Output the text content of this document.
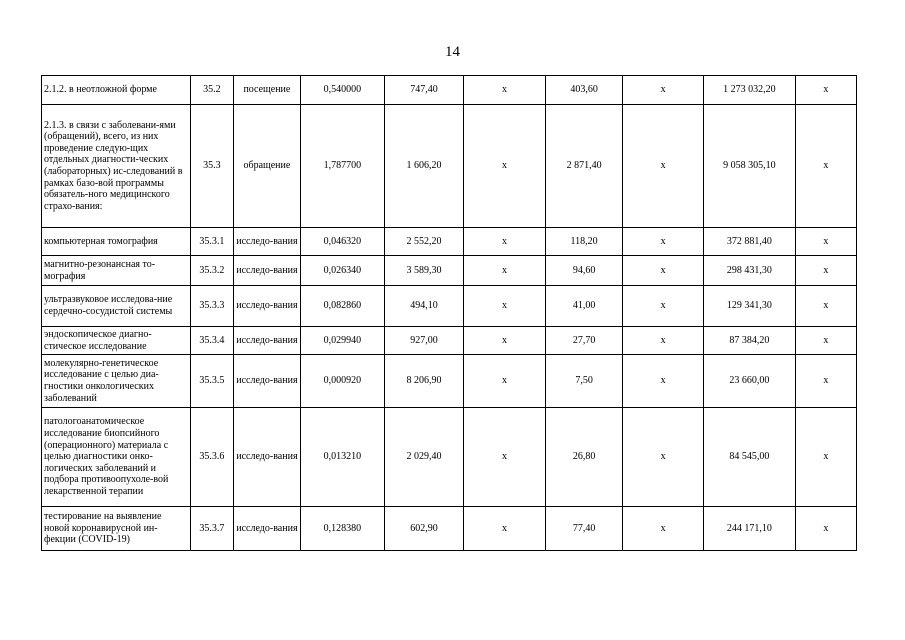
14
2.1.2. в неотложной форме	35.2	посещение	0,540000	747,40	х	403,60	х	1 273 032,20	х
2.1.3. в связи с заболевани-ями (обращений), всего, из них проведение следую-щих отдельных диагности-ческих (лабораторных) ис-следований в рамках базо-вой программы обязатель-ного медицинского страхо-вания:	35.3	обращение	1,787700	1 606,20	х	2 871,40	х	9 058 305,10	х
компьютерная томография	35.3.1	исследо-вания	0,046320	2 552,20	х	118,20	х	372 881,40	х
магнитно-резонансная то-мография	35.3.2	исследо-вания	0,026340	3 589,30	х	94,60	х	298 431,30	х
ультразвуковое исследова-ние сердечно-сосудистой системы	35.3.3	исследо-вания	0,082860	494,10	х	41,00	х	129 341,30	х
эндоскопическое диагно-стическое исследование	35.3.4	исследо-вания	0,029940	927,00	х	27,70	х	87 384,20	х
молекулярно-генетическое исследование с целью диа-гностики онкологических заболеваний	35.3.5	исследо-вания	0,000920	8 206,90	х	7,50	х	23 660,00	х
патологоанатомическое исследование биопсийного (операционного) материала с целью диагностики онко-логических заболеваний и подбора противоопухоле-вой лекарственной терапии	35.3.6	исследо-вания	0,013210	2 029,40	х	26,80	х	84 545,00	х
тестирование на выявление новой коронавирусной ин-фекции (COVID-19)	35.3.7	исследо-вания	0,128380	602,90	х	77,40	х	244 171,10	х
